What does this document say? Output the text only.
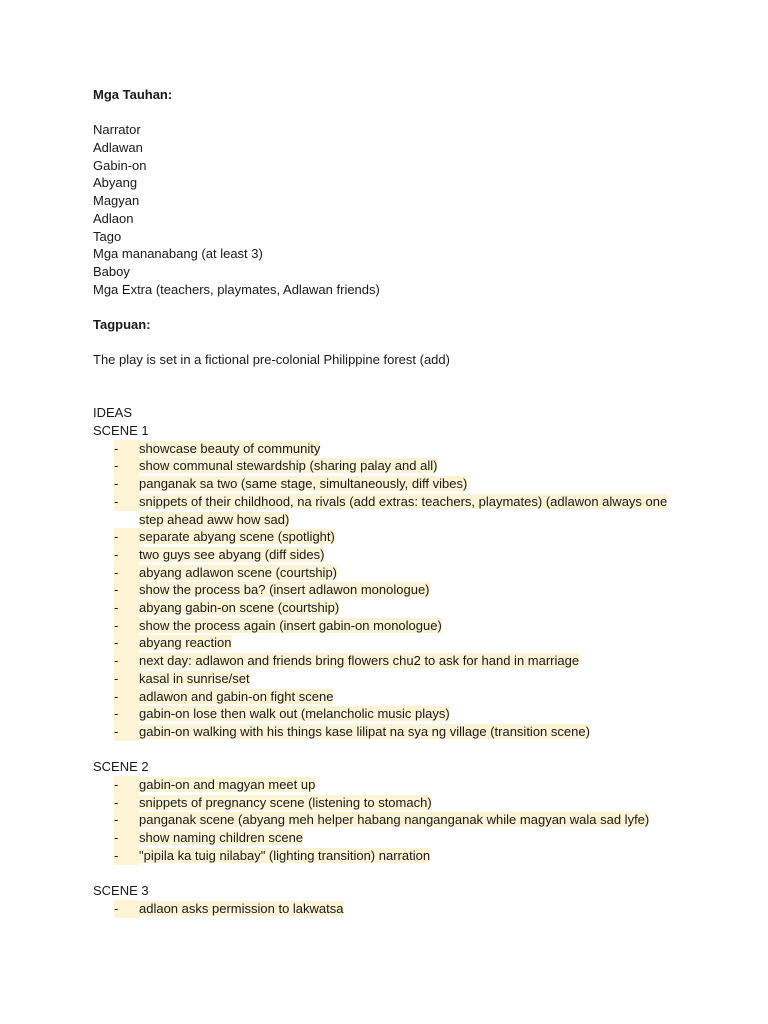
Mga Tauhan:
Narrator
Adlawan
Gabin-on
Abyang
Magyan
Adlaon
Tago
Mga mananabang (at least 3)
Baboy
Mga Extra (teachers, playmates, Adlawan friends)
Tagpuan:
The play is set in a fictional pre-colonial Philippine forest (add)
IDEAS
SCENE 1
-	showcase beauty of community
-	show communal stewardship (sharing palay and all)
-	panganak sa two (same stage, simultaneously, diff vibes)
-	snippets of their childhood, na rivals (add extras: teachers, playmates) (adlawon always one step ahead aww how sad)
-	separate abyang scene (spotlight)
-	two guys see abyang (diff sides)
-	abyang adlawon scene (courtship)
-	show the process ba? (insert adlawon monologue)
-	abyang gabin-on scene (courtship)
-	show the process again (insert gabin-on monologue)
-	abyang reaction
-	next day: adlawon and friends bring flowers chu2 to ask for hand in marriage
-	kasal in sunrise/set
-	adlawon and gabin-on fight scene
-	gabin-on lose then walk out (melancholic music plays)
-	gabin-on walking with his things kase lilipat na sya ng village (transition scene)
SCENE 2
-	gabin-on and magyan meet up
-	snippets of pregnancy scene (listening to stomach)
-	panganak scene (abyang meh helper habang nanganganak while magyan wala sad lyfe)
-	show naming children scene
-	"pipila ka tuig nilabay" (lighting transition) narration
SCENE 3
-	adlaon asks permission to lakwatsa
